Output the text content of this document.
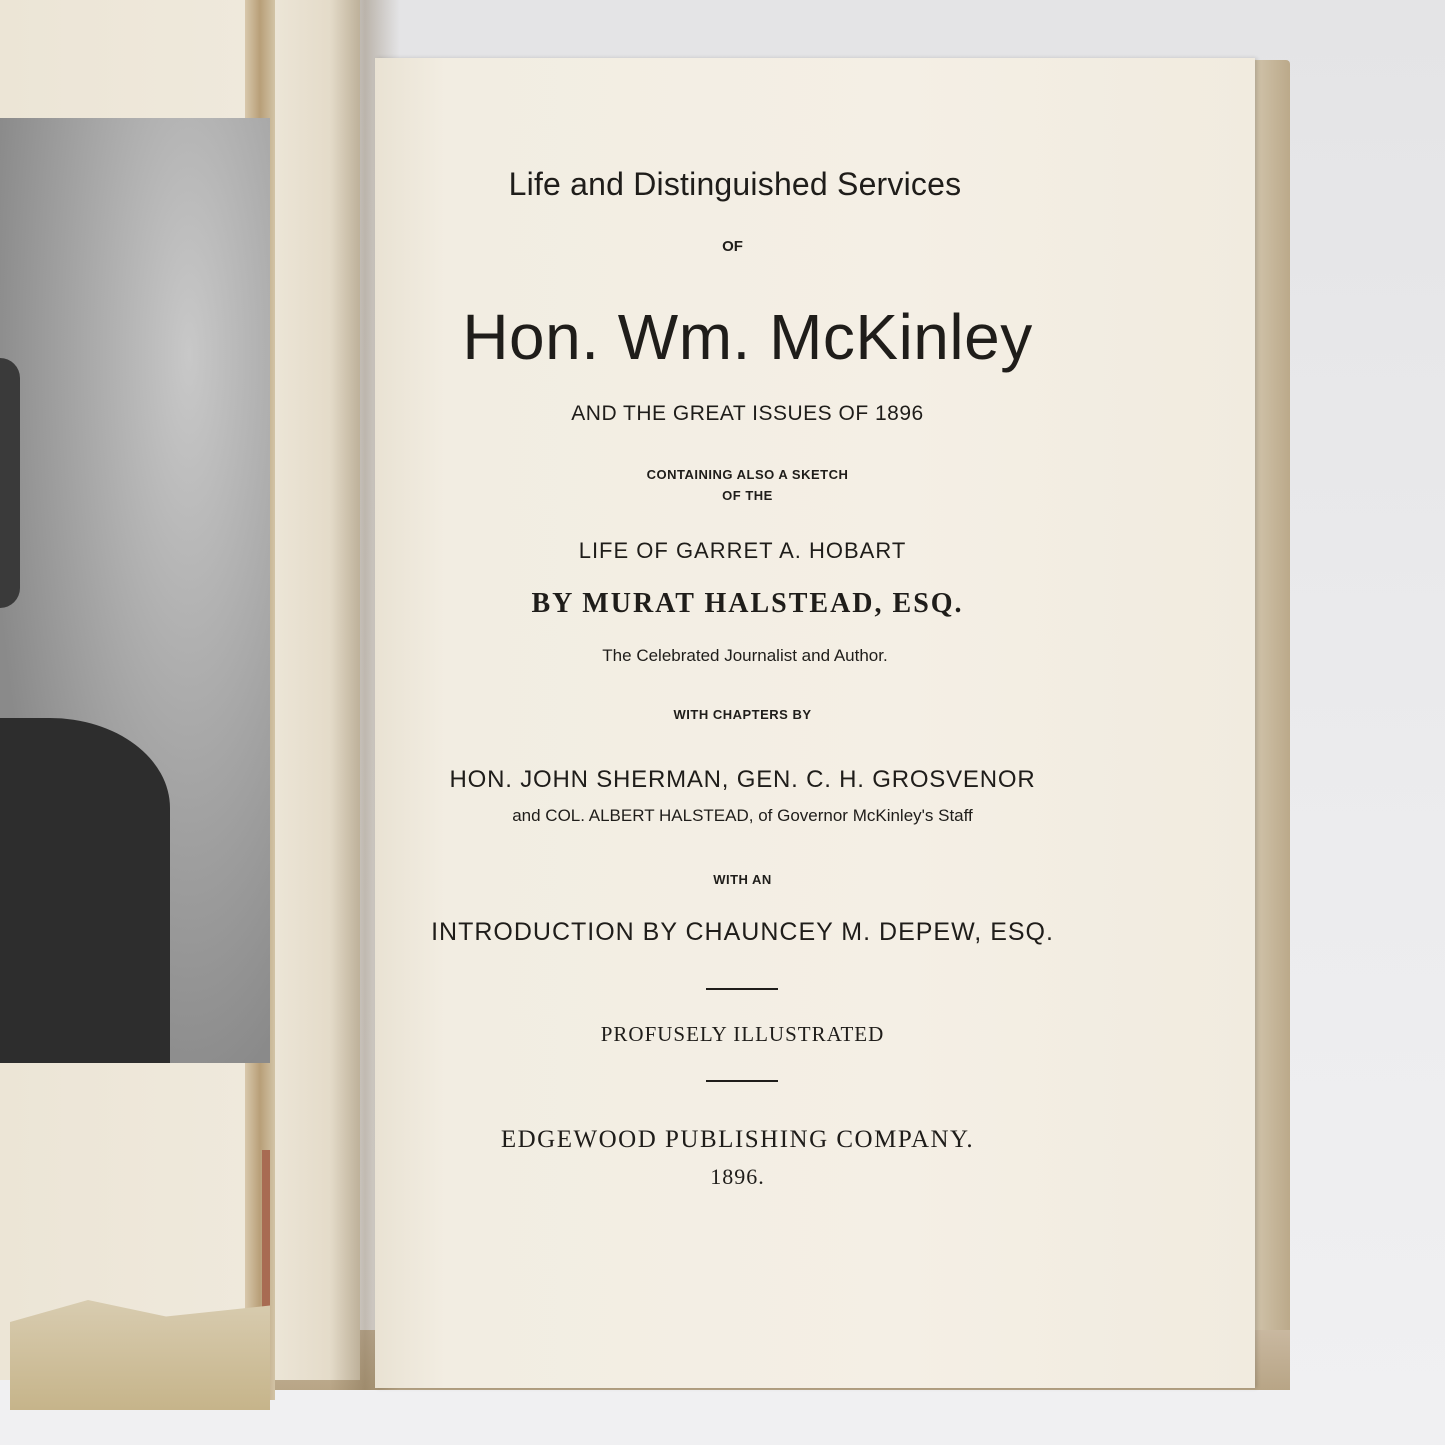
Life and Distinguished Services
OF
Hon. Wm. McKinley
AND THE GREAT ISSUES OF 1896
CONTAINING ALSO A SKETCH
OF THE
LIFE OF GARRET A. HOBART
BY MURAT HALSTEAD, ESQ.
The Celebrated Journalist and Author.
WITH CHAPTERS BY
HON. JOHN SHERMAN, GEN. C. H. GROSVENOR
and COL. ALBERT HALSTEAD, of Governor McKinley's Staff
WITH AN
INTRODUCTION BY CHAUNCEY M. DEPEW, ESQ.
PROFUSELY ILLUSTRATED
EDGEWOOD PUBLISHING COMPANY.
1896.
